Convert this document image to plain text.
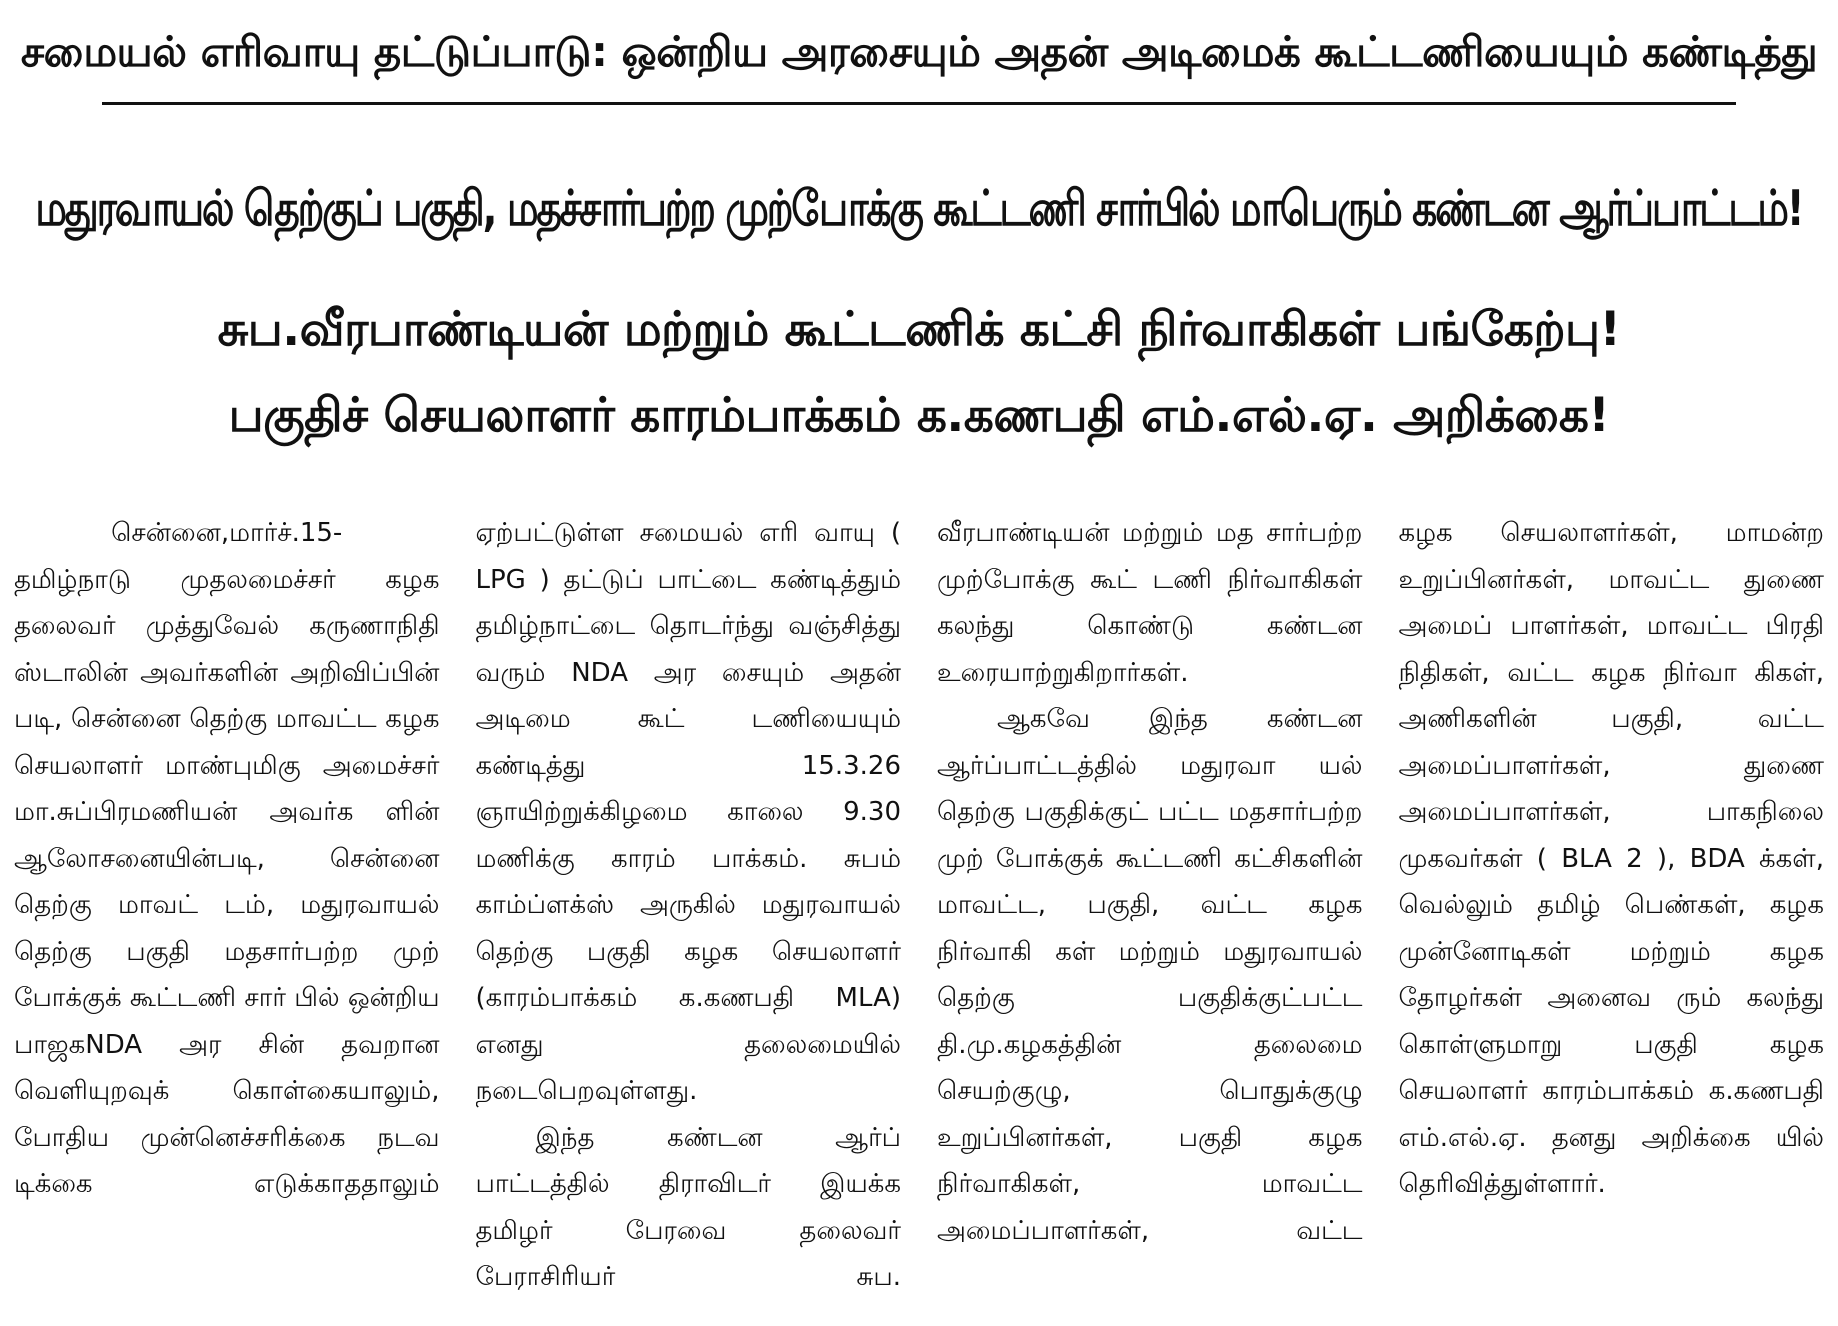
சமையல் எரிவாயு தட்டுப்பாடு: ஒன்றிய அரசையும் அதன் அடிமைக் கூட்டணியையும் கண்டித்து
மதுரவாயல் தெற்குப் பகுதி, மதச்சார்பற்ற முற்போக்கு கூட்டணி சார்பில் மாபெரும் கண்டன ஆர்ப்பாட்டம்!
சுப.வீரபாண்டியன் மற்றும் கூட்டணிக் கட்சி நிர்வாகிகள் பங்கேற்பு!
பகுதிச் செயலாளர் காரம்பாக்கம் க.கணபதி எம்.எல்.ஏ. அறிக்கை!

சென்னை,மார்ச்.15-

தமிழ்நாடு முதலமைச்சர் கழக தலைவர் முத்துவேல் கருணாநிதி ஸ்டாலின் அவர்களின் அறிவிப்பின் படி, சென்னை தெற்கு மாவட்ட கழக செயலாளர் மாண்புமிகு அமைச்சர் மா.சுப்பிரமணியன் அவர்க ளின் ஆலோசனையின்படி, சென்னை தெற்கு மாவட் டம், மதுரவாயல் தெற்கு பகுதி மதசார்பற்ற முற் போக்குக் கூட்டணி சார் பில் ஒன்றிய பாஜகNDA அர சின் தவறான வெளியுறவுக் கொள்கையாலும், போதிய முன்னெச்சரிக்கை நடவ டிக்கை எடுக்காததாலும்

ஏற்பட்டுள்ள சமையல் எரி வாயு ( LPG ) தட்டுப் பாட்டை கண்டித்தும் தமிழ்நாட்டை தொடர்ந்து வஞ்சித்து வரும் NDA அர சையும் அதன் அடிமை கூட் டணியையும் கண்டித்து 15.3.26 ஞாயிற்றுக்கிழமை காலை 9.30 மணிக்கு காரம் பாக்கம். சுபம் காம்ப்ளக்ஸ் அருகில் மதுரவாயல் தெற்கு பகுதி கழக செயலாளர் (காரம்பாக்கம் க.கணபதி MLA) எனது தலைமையில் நடைபெறவுள்ளது.

இந்த கண்டன ஆர்ப் பாட்டத்தில் திராவிடர் இயக்க தமிழர் பேரவை தலைவர் பேராசிரியர் சுப.

வீரபாண்டியன் மற்றும் மத சார்பற்ற முற்போக்கு கூட் டணி நிர்வாகிகள் கலந்து கொண்டு கண்டன உரையாற்றுகிறார்கள்.

ஆகவே இந்த கண்டன ஆர்ப்பாட்டத்தில் மதுரவா யல் தெற்கு பகுதிக்குட் பட்ட மதசார்பற்ற முற் போக்குக் கூட்டணி கட்சிகளின் மாவட்ட, பகுதி, வட்ட கழக நிர்வாகி கள் மற்றும் மதுரவாயல் தெற்கு பகுதிக்குட்பட்ட தி.மு.கழகத்தின் தலைமை செயற்குழு, பொதுக்குழு உறுப்பினர்கள், பகுதி கழக நிர்வாகிகள், மாவட்ட அமைப்பாளர்கள், வட்ட

கழக செயலாளர்கள், மாமன்ற உறுப்பினர்கள், மாவட்ட துணை அமைப் பாளர்கள், மாவட்ட பிரதி நிதிகள், வட்ட கழக நிர்வா கிகள், அணிகளின் பகுதி, வட்ட அமைப்பாளர்கள், துணை அமைப்பாளர்கள், பாகநிலை முகவர்கள் ( BLA 2 ), BDA க்கள், வெல்லும் தமிழ் பெண்கள், கழக முன்னோடிகள் மற்றும் கழக தோழர்கள் அனைவ ரும் கலந்து கொள்ளுமாறு பகுதி கழக செயலாளர் காரம்பாக்கம் க.கணபதி எம்.எல்.ஏ. தனது அறிக்கை யில் தெரிவித்துள்ளார்.
